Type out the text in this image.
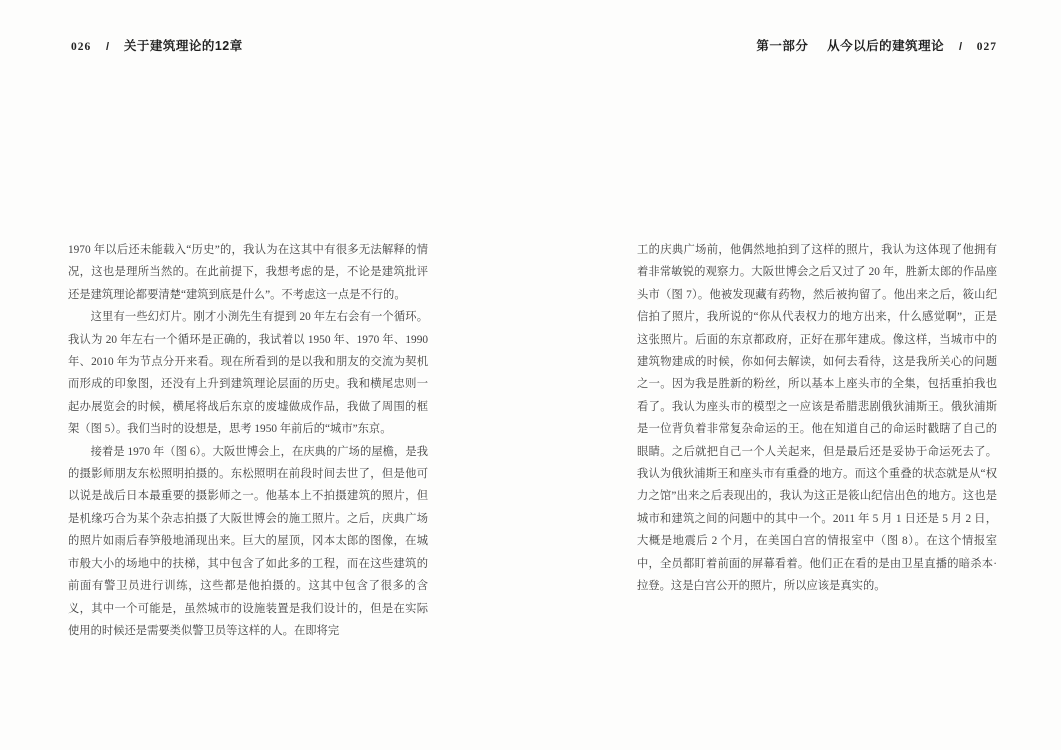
026 / 关于建筑理论的12章

1970 年以后还未能载入“历史”的，我认为在这其中有很多无法解释的情况，这也是理所当然的。在此前提下，我想考虑的是，不论是建筑批评还是建筑理论都要清楚“建筑到底是什么”。不考虑这一点是不行的。

这里有一些幻灯片。刚才小渕先生有提到 20 年左右会有一个循环。我认为 20 年左右一个循环是正确的，我试着以 1950 年、1970 年、1990 年、2010 年为节点分开来看。现在所看到的是以我和朋友的交流为契机而形成的印象图，还没有上升到建筑理论层面的历史。我和横尾忠则一起办展览会的时候，横尾将战后东京的废墟做成作品，我做了周围的框架（图 5）。我们当时的设想是，思考 1950 年前后的“城市”东京。

接着是 1970 年（图 6）。大阪世博会上，在庆典的广场的屋檐，是我的摄影师朋友东松照明拍摄的。东松照明在前段时间去世了，但是他可以说是战后日本最重要的摄影师之一。他基本上不拍摄建筑的照片，但是机缘巧合为某个杂志拍摄了大阪世博会的施工照片。之后，庆典广场的照片如雨后春笋般地涌现出来。巨大的屋顶，冈本太郎的图像，在城市般大小的场地中的扶梯，其中包含了如此多的工程，而在这些建筑的前面有警卫员进行训练，这些都是他拍摄的。这其中包含了很多的含义，其中一个可能是，虽然城市的设施装置是我们设计的，但是在实际使用的时候还是需要类似警卫员等这样的人。在即将完

第一部分 从今以后的建筑理论 / 027

工的庆典广场前，他偶然地拍到了这样的照片，我认为这体现了他拥有着非常敏锐的观察力。大阪世博会之后又过了 20 年，胜新太郎的作品座头市（图 7）。他被发现藏有药物，然后被拘留了。他出来之后，筱山纪信拍了照片，我所说的“你从代表权力的地方出来，什么感觉啊”，正是这张照片。后面的东京都政府，正好在那年建成。像这样，当城市中的建筑物建成的时候，你如何去解读，如何去看待，这是我所关心的问题之一。因为我是胜新的粉丝，所以基本上座头市的全集，包括重拍我也看了。我认为座头市的模型之一应该是希腊悲剧俄狄浦斯王。俄狄浦斯是一位背负着非常复杂命运的王。他在知道自己的命运时戳瞎了自己的眼睛。之后就把自己一个人关起来，但是最后还是妥协于命运死去了。我认为俄狄浦斯王和座头市有重叠的地方。而这个重叠的状态就是从“权力之馆”出来之后表现出的，我认为这正是筱山纪信出色的地方。这也是城市和建筑之间的问题中的其中一个。2011 年 5 月 1 日还是 5 月 2 日，大概是地震后 2 个月，在美国白宫的情报室中（图 8）。在这个情报室中，全员都盯着前面的屏幕看着。他们正在看的是由卫星直播的暗杀本·拉登。这是白宫公开的照片，所以应该是真实的。
